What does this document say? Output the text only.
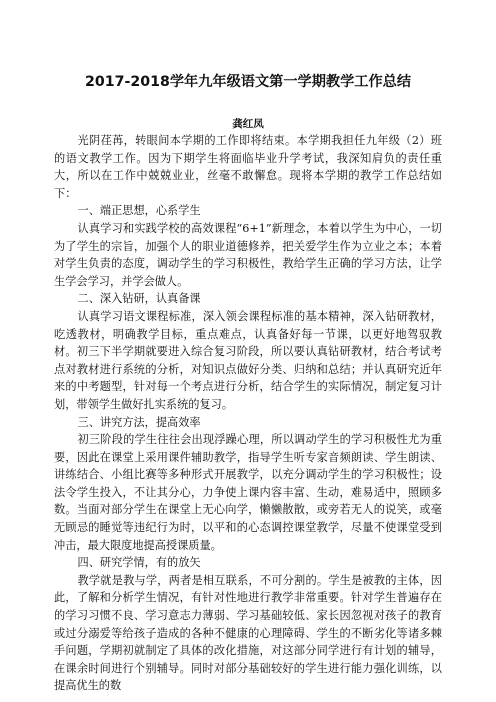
2017-2018学年九年级语文第一学期教学工作总结
龚红凤

光阴荏苒，转眼间本学期的工作即将结束。本学期我担任九年级（2）班的语文教学工作。因为下期学生将面临毕业升学考试，我深知肩负的责任重大，所以在工作中兢兢业业，丝毫不敢懈怠。现将本学期的教学工作总结如下：

一、端正思想，心系学生

认真学习和实践学校的高效课程“6+1”新理念，本着以学生为中心，一切为了学生的宗旨，加强个人的职业道德修养，把关爱学生作为立业之本；本着对学生负责的态度，调动学生的学习积极性，教给学生正确的学习方法，让学生学会学习，并学会做人。

二、深入钻研，认真备课

认真学习语文课程标准，深入领会课程标准的基本精神，深入钻研教材，吃透教材，明确教学目标，重点难点，认真备好每一节课，以更好地驾驭教材。初三下半学期就要进入综合复习阶段，所以要认真钻研教材，结合考试考点对教材进行系统的分析，对知识点做好分类、归纳和总结；并认真研究近年来的中考题型，针对每一个考点进行分析，结合学生的实际情况，制定复习计划，带领学生做好扎实系统的复习。

三、讲究方法，提高效率

初三阶段的学生往往会出现浮躁心理，所以调动学生的学习积极性尤为重要，因此在课堂上采用课件辅助教学，指导学生听专家音频朗读、学生朗读、讲练结合、小组比赛等多种形式开展教学，以充分调动学生的学习积极性；设法令学生投入，不让其分心，力争使上课内容丰富、生动，难易适中，照顾多数。当面对部分学生在课堂上无心向学，懒懒散散，或旁若无人的说笑，或毫无顾忌的睡觉等违纪行为时，以平和的心态调控课堂教学，尽量不使课堂受到冲击，最大限度地提高授课质量。

四、研究学情，有的放矢

教学就是教与学，两者是相互联系，不可分割的。学生是被教的主体，因此，了解和分析学生情况，有针对性地进行教学非常重要。针对学生普遍存在的学习习惯不良、学习意志力薄弱、学习基础较低、家长因忽视对孩子的教育或过分溺爱等给孩子造成的各种不健康的心理障碍、学生的不断劣化等诸多棘手问题，学期初就制定了具体的改化措施，对这部分同学进行有计划的辅导，在课余时间进行个别辅导。同时对部分基础较好的学生进行能力强化训练，以提高优生的数
